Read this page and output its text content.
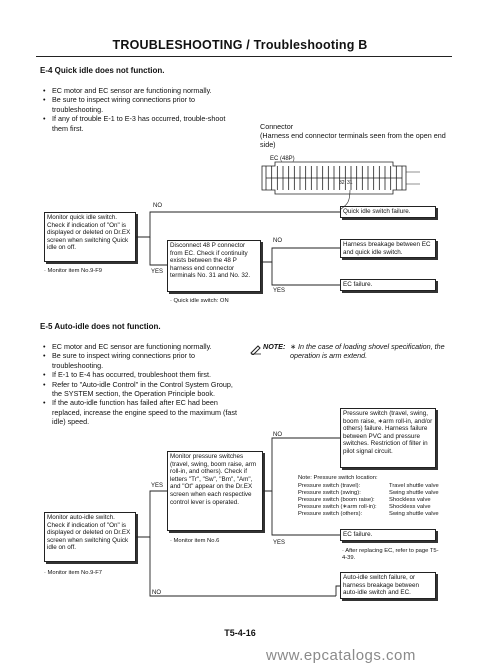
TROUBLESHOOTING / Troubleshooting B
E-4 Quick idle does not function.
• EC motor and EC sensor are functioning normally.
• Be sure to inspect wiring connections prior to troubleshooting.
• If any of trouble E-1 to E-3 has occurred, trouble-shoot them first.	Connector
(Harness end connector terminals seen from the open end side)
EC (48P)
32 31
Monitor quick idle switch. Check if indication of "On" is displayed or deleted on Dr.EX screen when switching Quick idle on off.
· Monitor item No.9-F9
Disconnect 48 P connector from EC. Check if continuity exists between the 48 P harness end connector terminals No. 31 and No. 32.
· Quick idle switch: ON
Quick idle switch failure.
Harness breakage between EC and quick idle switch.
EC failure.
NO
YES
NO
YES
E-5 Auto-idle does not function.
• EC motor and EC sensor are functioning normally.
• Be sure to inspect wiring connections prior to troubleshooting.
• If E-1 to E-4 has occurred, troubleshoot them first.
• Refer to "Auto-idle Control" in the Control System Group, the SYSTEM section, the Operation Principle book.
• If the auto-idle function has failed after EC had been replaced, increase the engine speed to the maximum (fast idle) speed.
NOTE: ∗ In the case of loading shovel specification, the operation is arm extend.
Monitor auto-idle switch. Check if indication of "On" is displayed or deleted on Dr.EX screen when switching Quick idle on off.
· Monitor item No.9-F7
Monitor pressure switches (travel, swing, boom raise, arm roll-in, and others). Check if letters "Tr", "Sw", "Bm", "Am", and "Ot" appear on the Dr.EX screen when each respective control lever is operated.
· Monitor item No.6
Pressure switch (travel, swing, boom raise, ∗arm roll-in, and/or others) failure. Harness failure between PVC and pressure switches. Restriction of filter in pilot signal circuit.
Note: Pressure switch location:
Pressure switch (travel):	Travel shuttle valve
Pressure switch (swing):	Swing shuttle valve
Pressure switch (boom raise):	Shockless valve
Pressure switch (∗arm roll-in):	Shockless valve
Pressure switch (others):	Swing shuttle valve
EC failure.
· After replacing EC, refer to page T5-4-39.
Auto-idle switch failure, or harness breakage between auto-idle switch and EC.
NO
YES
YES
NO
T5-4-16
www.epcatalogs.com
